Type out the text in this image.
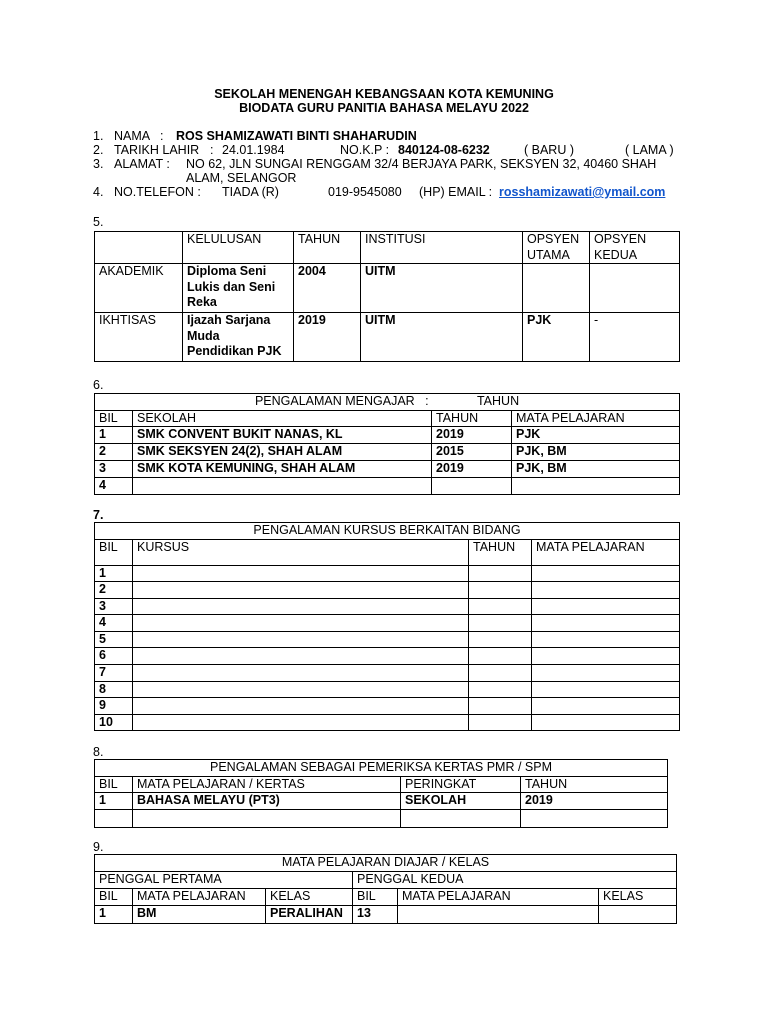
SEKOLAH MENENGAH KEBANGSAAN KOTA KEMUNING
BIODATA GURU PANITIA BAHASA MELAYU 2022
1. NAMA : ROS SHAMIZAWATI BINTI SHAHARUDIN
2. TARIKH LAHIR : 24.01.1984	NO.K.P : 840124-08-6232	( BARU )	( LAMA )
3. ALAMAT : NO 62, JLN SUNGAI RENGGAM 32/4 BERJAYA PARK, SEKSYEN 32, 40460 SHAH
ALAM, SELANGOR
4. NO.TELEFON : TIADA (R)	019-9545080 (HP) EMAIL : rosshamizawati@ymail.com
5.
	KELULUSAN	TAHUN	INSTITUSI	OPSYEN UTAMA	OPSYEN KEDUA
AKADEMIK	Diploma Seni Lukis dan Seni Reka	2004	UITM		
IKHTISAS	Ijazah Sarjana Muda Pendidikan PJK	2019	UITM	PJK	-
6.
PENGALAMAN MENGAJAR   :              TAHUN			
BIL	SEKOLAH	TAHUN	MATA PELAJARAN
1	SMK CONVENT BUKIT NANAS, KL	2019	PJK
2	SMK SEKSYEN 24(2), SHAH ALAM	2015	PJK, BM
3	SMK KOTA KEMUNING, SHAH ALAM	2019	PJK, BM
4			
7.
PENGALAMAN KURSUS BERKAITAN BIDANG			
BIL	KURSUS	TAHUN	MATA PELAJARAN
1			
2			
3			
4			
5			
6			
7			
8			
9			
10			
8.
PENGALAMAN SEBAGAI PEMERIKSA KERTAS PMR / SPM			
BIL	MATA PELAJARAN / KERTAS	PERINGKAT	TAHUN
1	BAHASA MELAYU (PT3)	SEKOLAH	2019

9.
MATA PELAJARAN DIAJAR / KELAS					
PENGGAL PERTAMA			PENGGAL KEDUA		
BIL	MATA PELAJARAN	KELAS	BIL	MATA PELAJARAN	KELAS
1	BM	PERALIHAN	13		
